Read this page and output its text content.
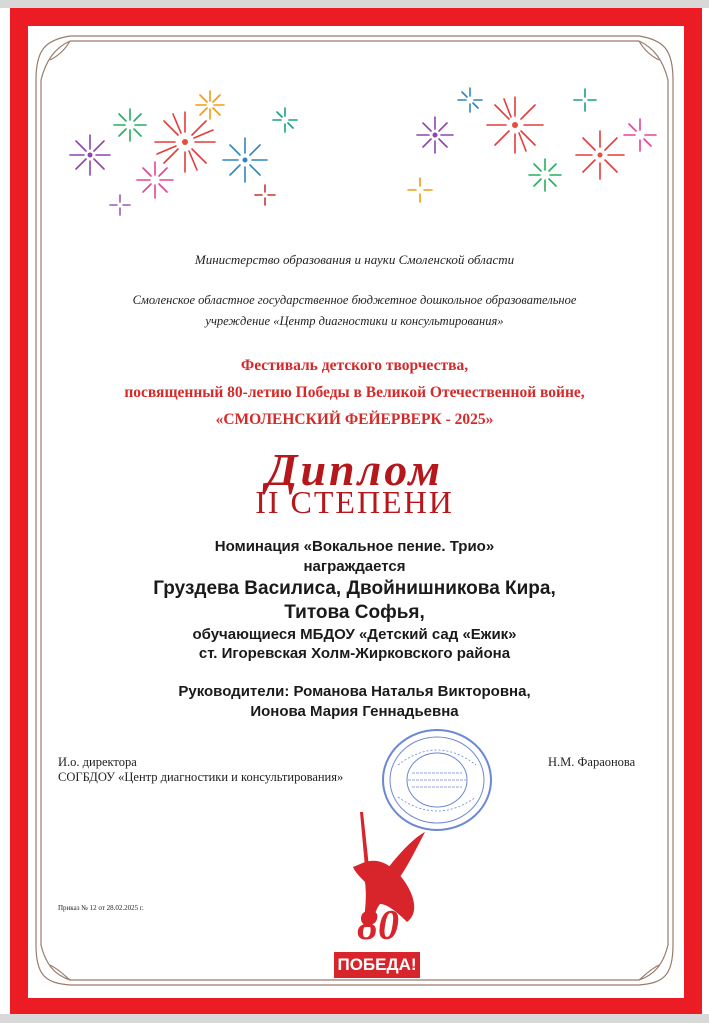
Министерство образования и науки Смоленской области
Смоленское областное государственное бюджетное дошкольное образовательное
учреждение «Центр диагностики и консультирования»
Фестиваль детского творчества,
посвященный 80-летию Победы в Великой Отечественной войне,
«СМОЛЕНСКИЙ ФЕЙЕРВЕРК - 2025»
Диплом
II СТЕПЕНИ
Номинация «Вокальное пение. Трио»
награждается
Груздева Василиса, Двойнишникова Кира,
Титова Софья,
обучающиеся МБДОУ «Детский сад «Ежик»
ст. Игоревская Холм-Жирковского района
Руководители: Романова Наталья Викторовна,
Ионова Мария Геннадьевна
И.о. директора
СОГБДОУ «Центр диагностики и консультирования»
Н.М. Фараонова
Приказ № 12 от 28.02.2025 г.	80
ПОБЕДА!
